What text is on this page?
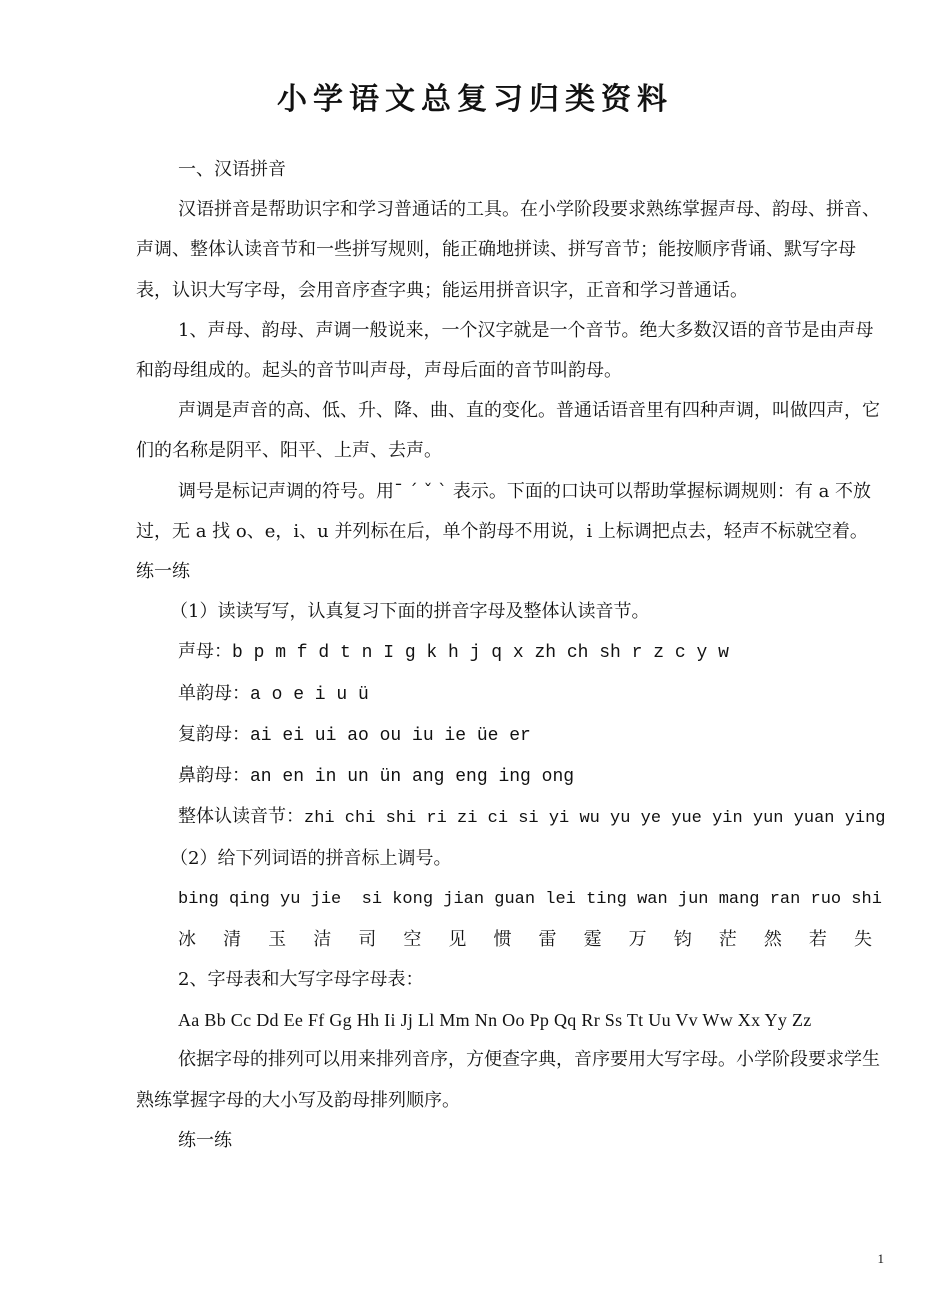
小学语文总复习归类资料

一、汉语拼音

汉语拼音是帮助识字和学习普通话的工具。在小学阶段要求熟练掌握声母、韵母、拼音、声调、整体认读音节和一些拼写规则，能正确地拼读、拼写音节；能按顺序背诵、默写字母表，认识大写字母，会用音序查字典；能运用拼音识字，正音和学习普通话。

1、声母、韵母、声调一般说来，一个汉字就是一个音节。绝大多数汉语的音节是由声母和韵母组成的。起头的音节叫声母，声母后面的音节叫韵母。

声调是声音的高、低、升、降、曲、直的变化。普通话语音里有四种声调，叫做四声，它们的名称是阴平、阳平、上声、去声。

调号是标记声调的符号。用ˉ ˊ ˇ ˋ 表示。下面的口诀可以帮助掌握标调规则：有 a 不放过，无 a 找 o、e，i、u 并列标在后，单个韵母不用说，i 上标调把点去，轻声不标就空着。练一练

（1）读读写写，认真复习下面的拼音字母及整体认读音节。

声母：b p m f d t n I g k h j q x zh ch sh r z c y w

单韵母：a o e i u ü

复韵母：ai ei ui ao ou iu ie üe er

鼻韵母：an en in un ün ang eng ing ong

整体认读音节：zhi chi shi ri zi ci si yi wu yu ye yue yin yun yuan ying

（2）给下列词语的拼音标上调号。

bing qing yu jie  si kong jian guan lei ting wan jun mang ran ruo shi

冰 清 玉 洁 司 空 见 惯 雷 霆 万 钧 茫 然 若 失

2、字母表和大写字母字母表：

Aa Bb Cc Dd Ee Ff Gg Hh Ii Jj Ll Mm Nn Oo Pp Qq Rr Ss Tt Uu Vv Ww Xx Yy Zz

依据字母的排列可以用来排列音序，方便查字典，音序要用大写字母。小学阶段要求学生熟练掌握字母的大小写及韵母排列顺序。

练一练

1
